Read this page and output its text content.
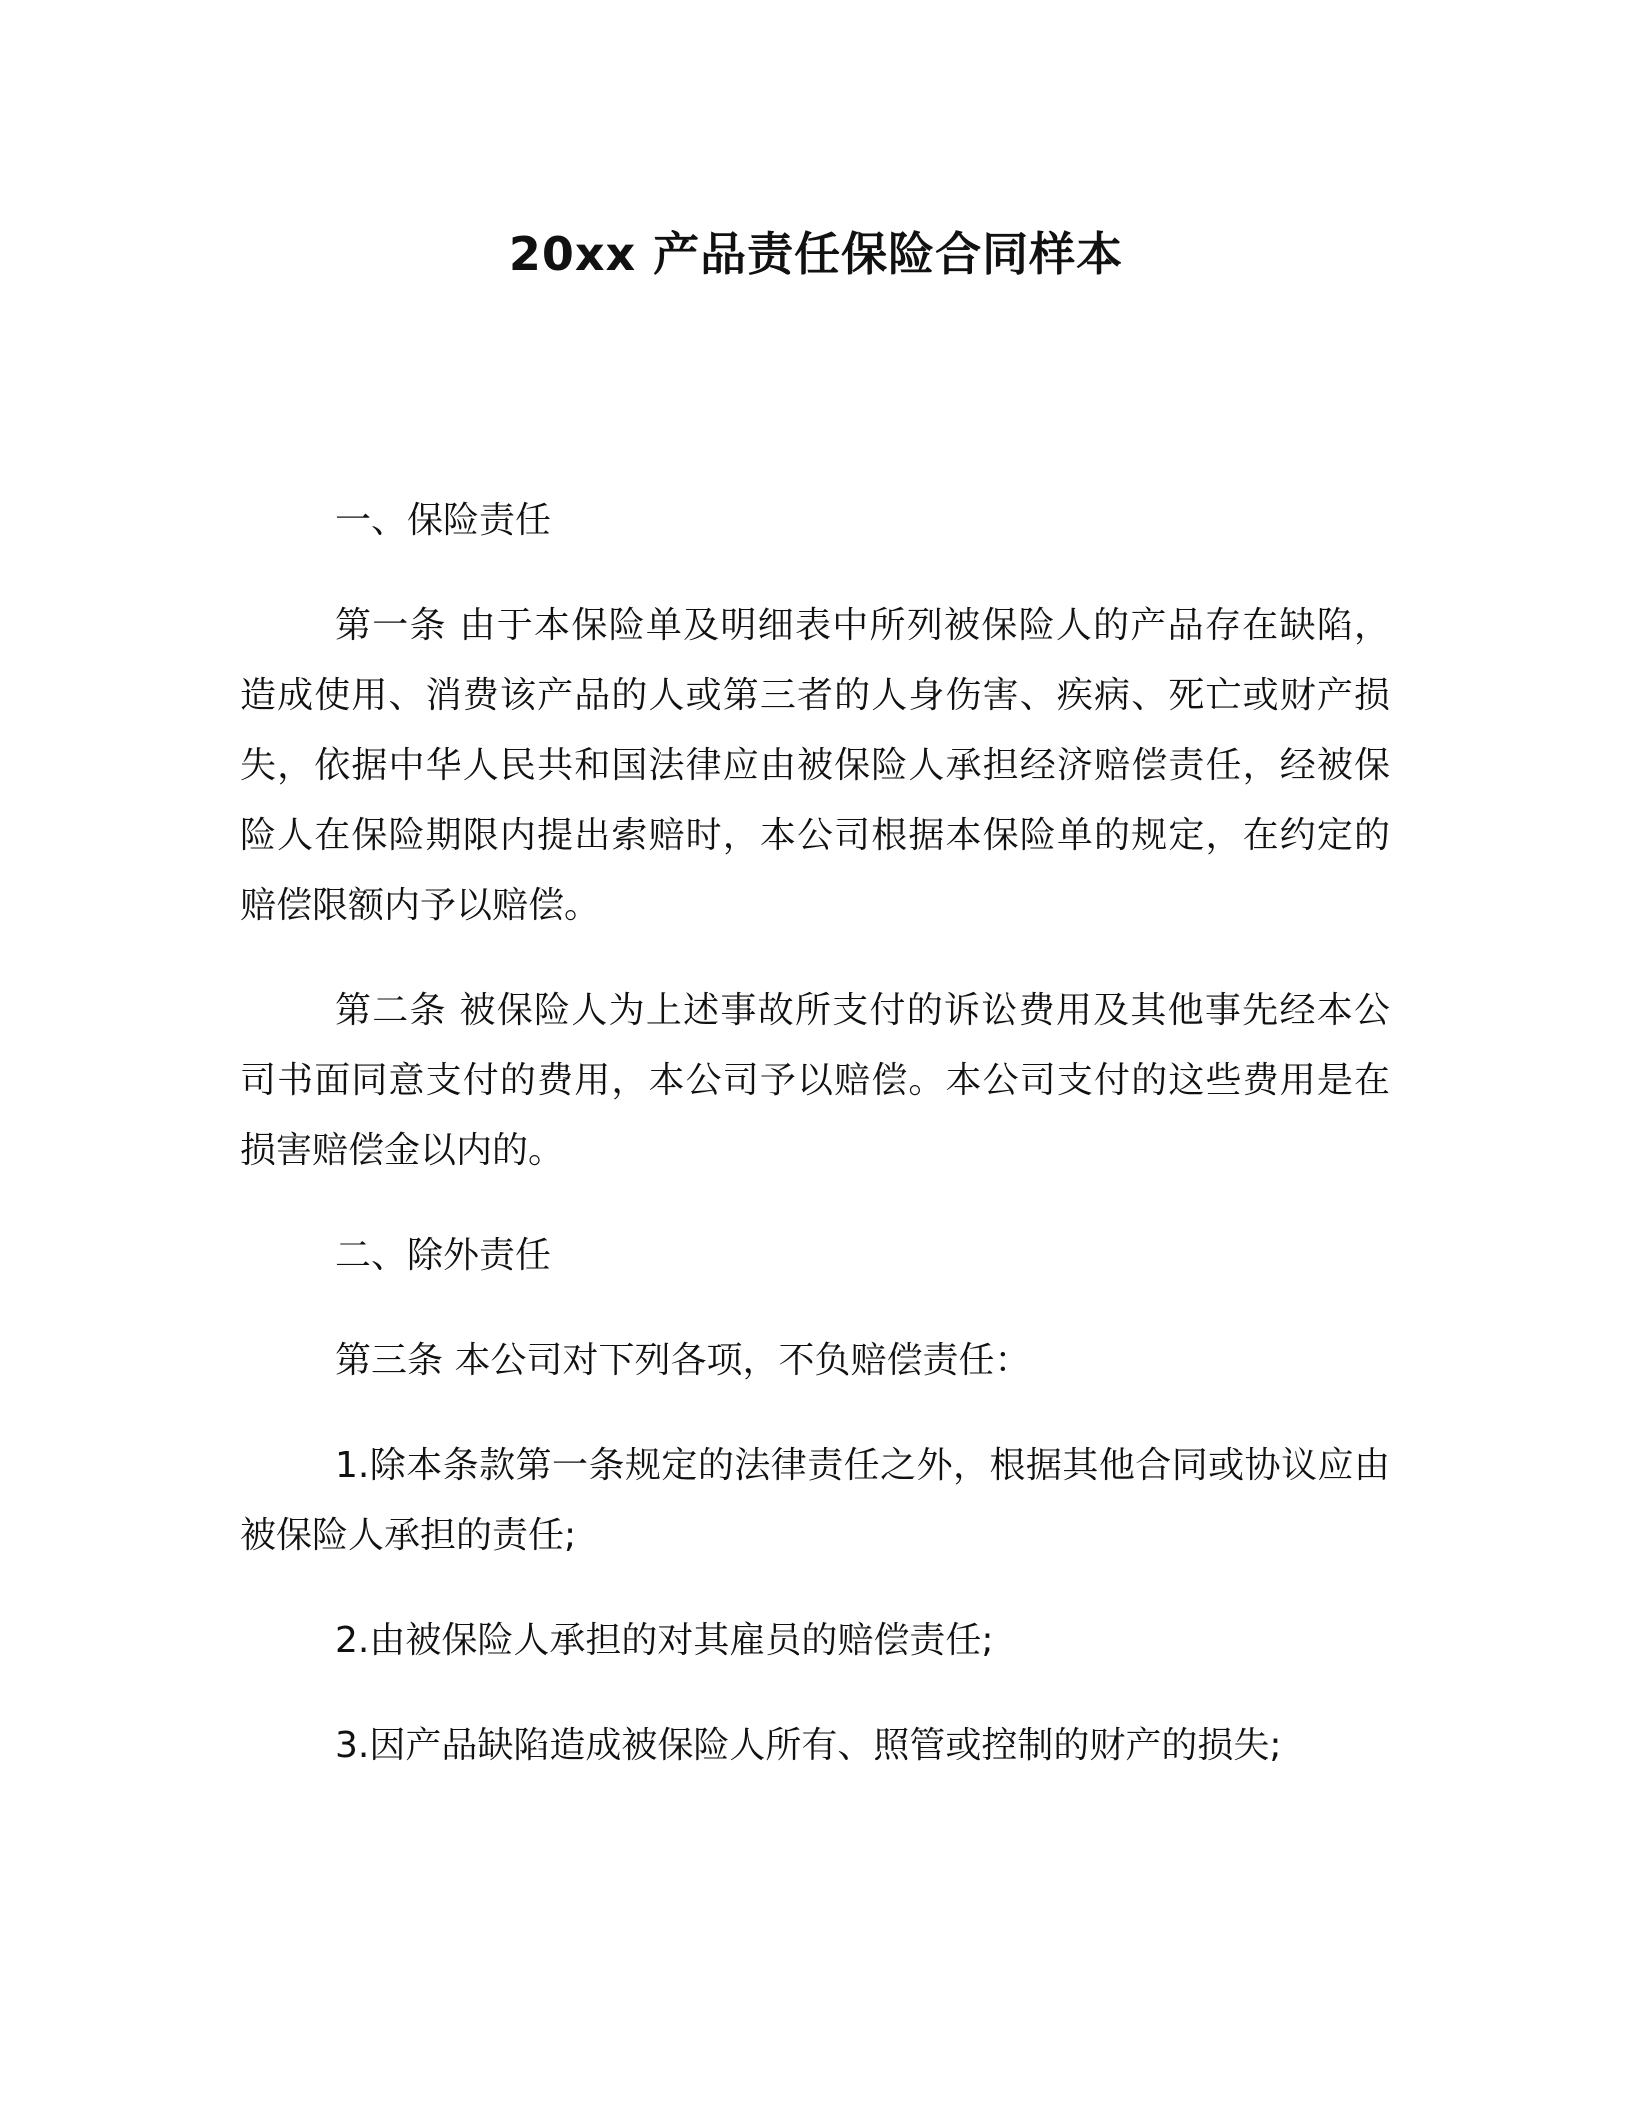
20xx 产品责任保险合同样本

一、保险责任

第一条 由于本保险单及明细表中所列被保险人的产品存在缺陷，造成使用、消费该产品的人或第三者的人身伤害、疾病、死亡或财产损失，依据中华人民共和国法律应由被保险人承担经济赔偿责任，经被保险人在保险期限内提出索赔时，本公司根据本保险单的规定，在约定的赔偿限额内予以赔偿。

第二条 被保险人为上述事故所支付的诉讼费用及其他事先经本公司书面同意支付的费用，本公司予以赔偿。本公司支付的这些费用是在损害赔偿金以内的。

二、除外责任

第三条 本公司对下列各项，不负赔偿责任：

1.除本条款第一条规定的法律责任之外，根据其他合同或协议应由被保险人承担的责任;

2.由被保险人承担的对其雇员的赔偿责任;

3.因产品缺陷造成被保险人所有、照管或控制的财产的损失;
